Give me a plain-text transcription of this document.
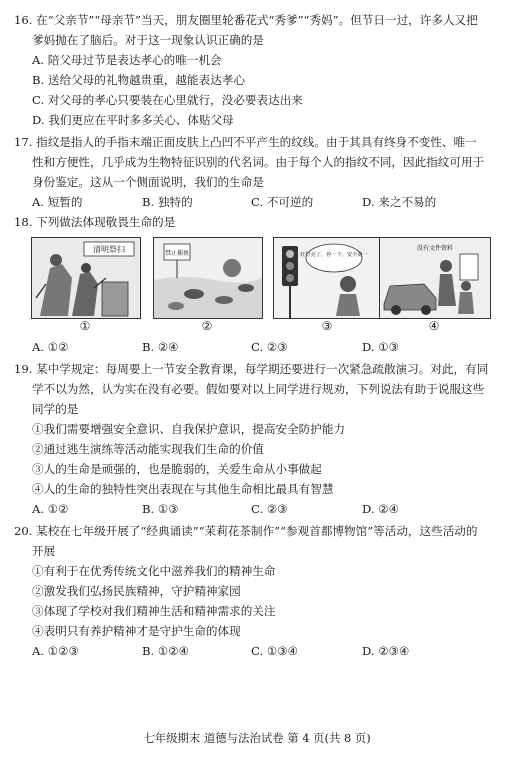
16. 在“父亲节”“母亲节”当天，朋友圈里轮番花式“秀爹”“秀妈”。但节日一过，许多人又把
爹妈抛在了脑后。对于这一现象认识正确的是
A. 陪父母过节是表达孝心的唯一机会
B. 送给父母的礼物越贵重，越能表达孝心
C. 对父母的孝心只要装在心里就行，没必要表达出来
D. 我们更应在平时多多关心、体贴父母
17. 指纹是指人的手指末端正面皮肤上凸凹不平产生的纹线。由于其具有终身不变性、唯一
性和方便性，几乎成为生物特征识别的代名词。由于每个人的指纹不同，因此指纹可用于
身份鉴定。这从一个侧面说明，我们的生命是
A. 短暂的	B. 独特的	C. 不可逆的	D. 来之不易的
18. 下列做法体现敬畏生命的是
清明祭扫
①
禁止捕鱼
②
红灯亮了，停一下。安全第一
③
没有文件资料
④
A. ①②	B. ②④	C. ②③	D. ①③
19. 某中学规定：每周要上一节安全教育课，每学期还要进行一次紧急疏散演习。对此，有同
学不以为然，认为实在没有必要。假如要对以上同学进行规劝，下列说法有助于说服这些
同学的是
①我们需要增强安全意识、自我保护意识，提高安全防护能力
②通过逃生演练等活动能实现我们生命的价值
③人的生命是顽强的，也是脆弱的，关爱生命从小事做起
④人的生命的独特性突出表现在与其他生命相比最具有智慧
A. ①②	B. ①③	C. ②③	D. ②④
20. 某校在七年级开展了“经典诵读”“茉莉花茶制作”“参观首都博物馆”等活动，这些活动的
开展
①有利于在优秀传统文化中滋养我们的精神生命
②激发我们弘扬民族精神，守护精神家园
③体现了学校对我们精神生活和精神需求的关注
④表明只有养护精神才是守护生命的体现
A. ①②③	B. ①②④	C. ①③④	D. ②③④
七年级期末 道德与法治试卷 第 4 页(共 8 页)
